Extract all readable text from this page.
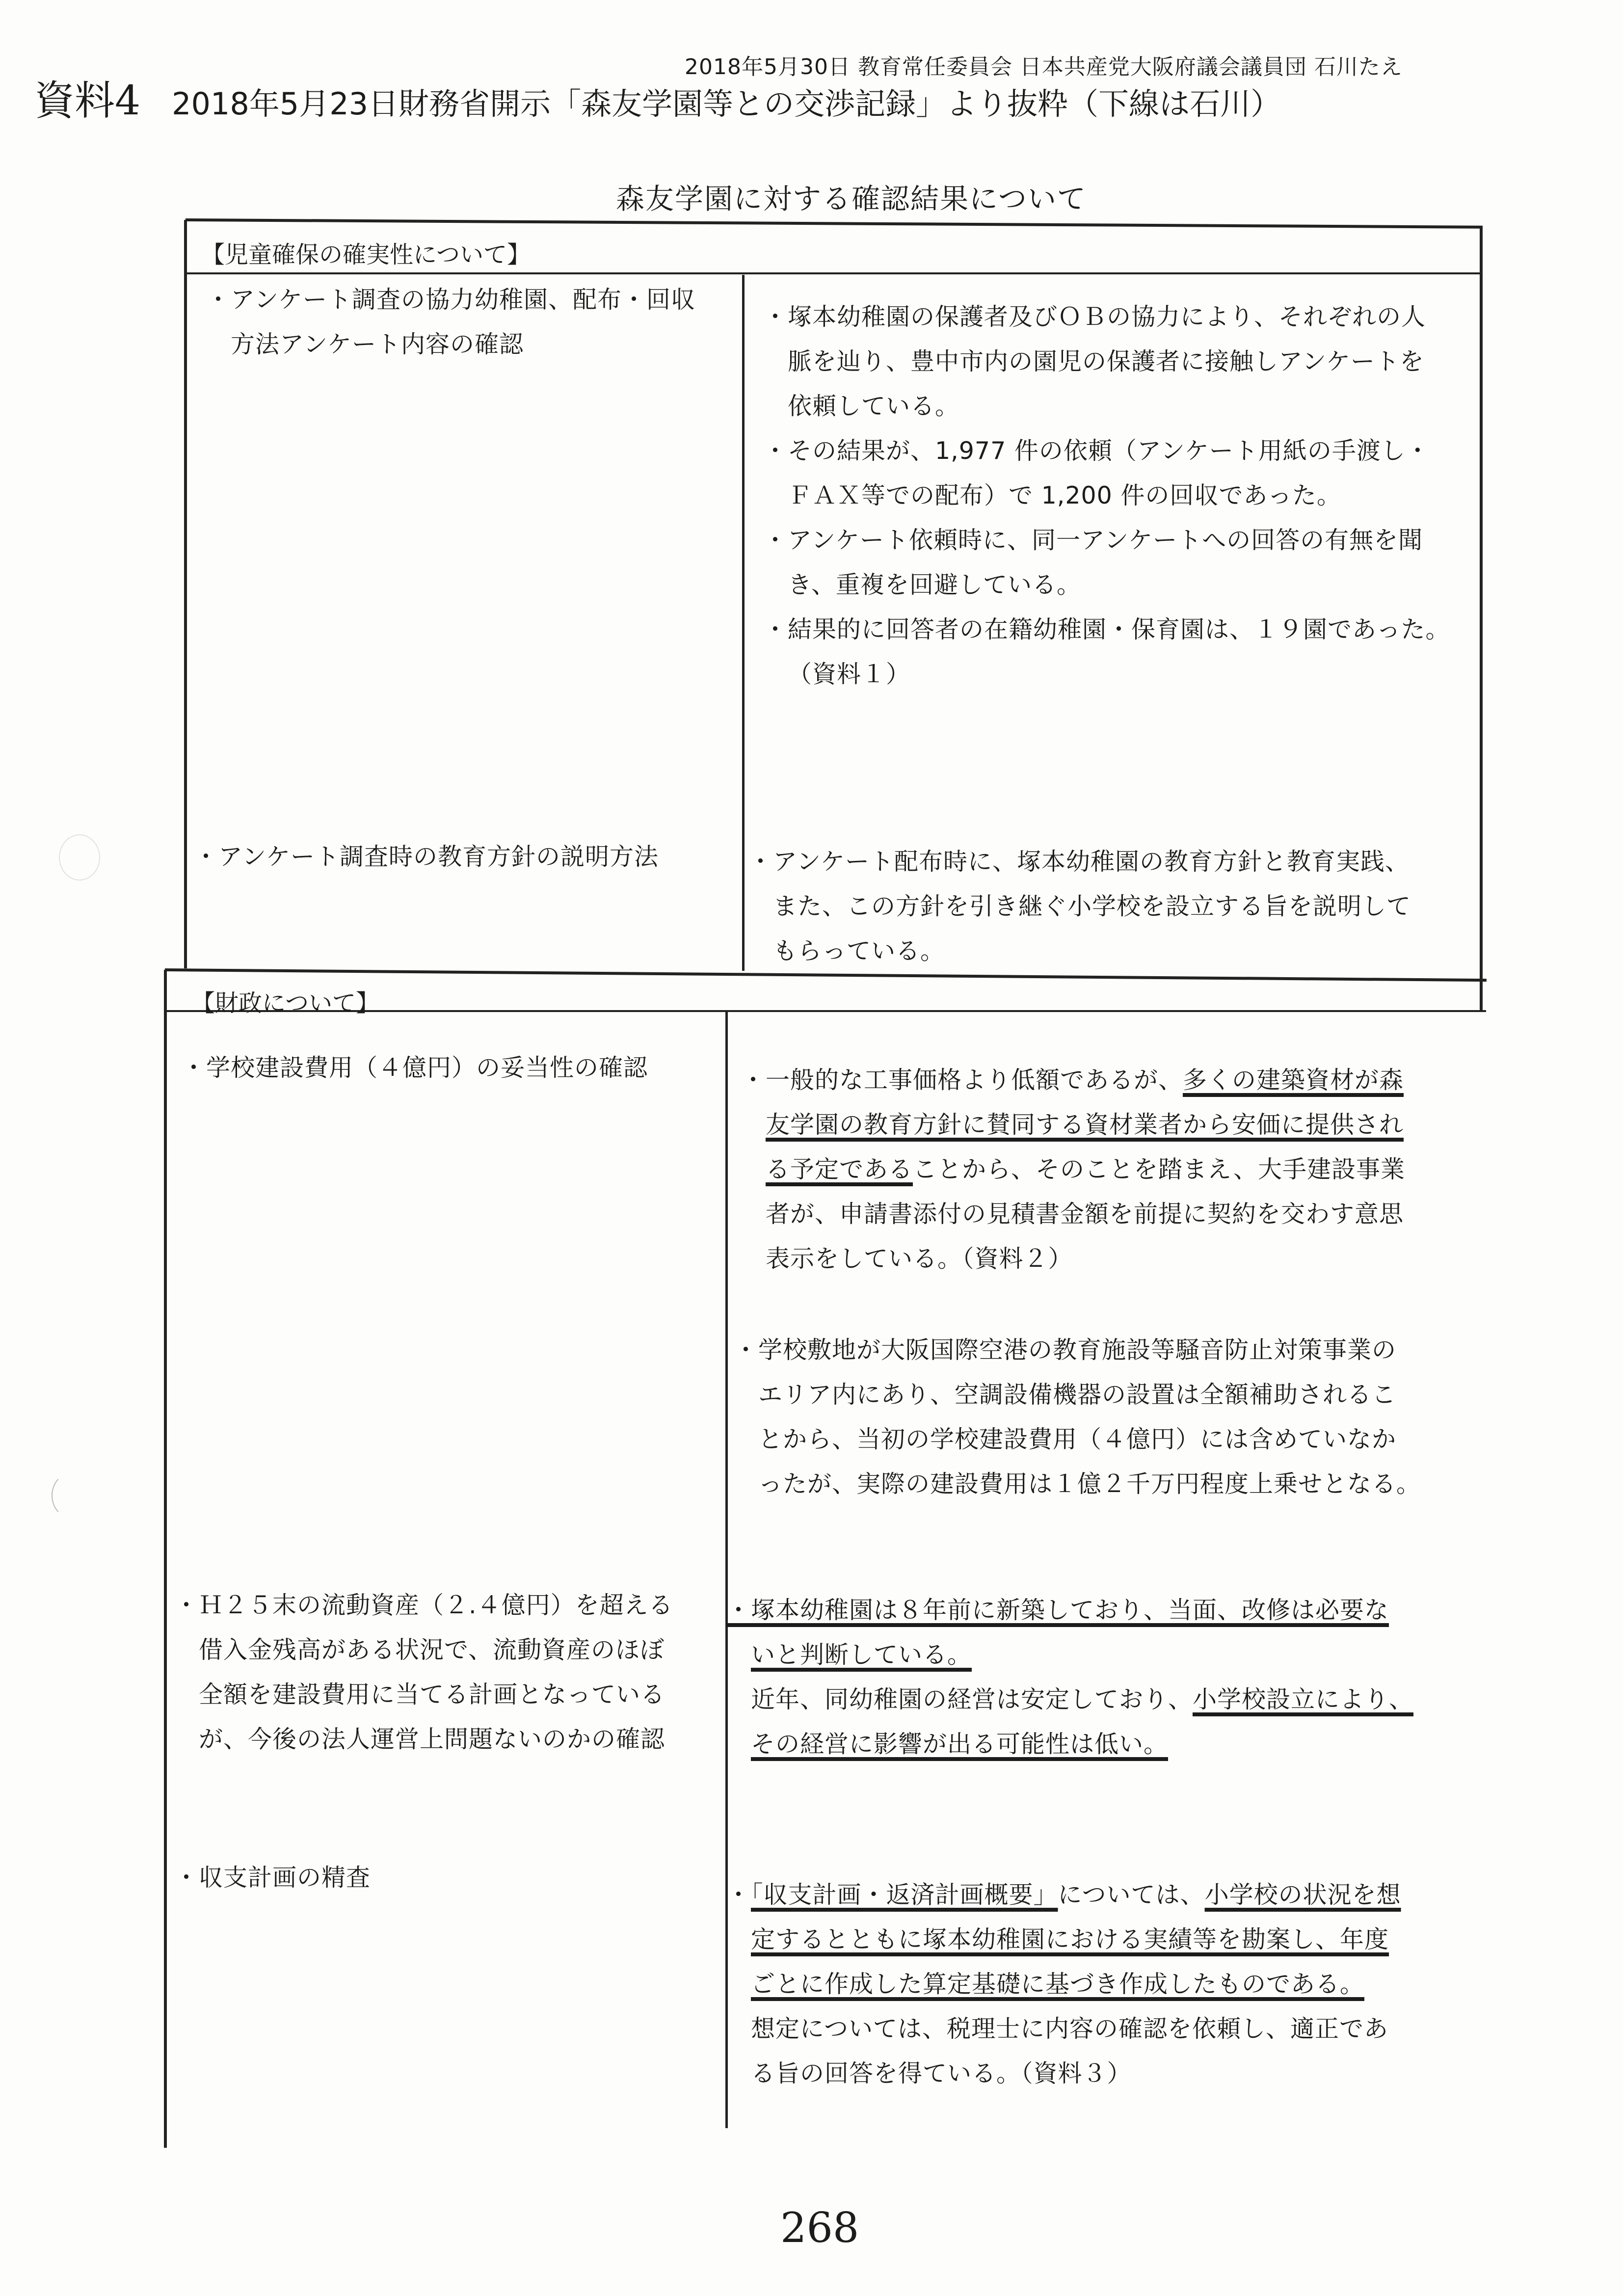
2018年5月30日 教育常任委員会 日本共産党大阪府議会議員団 石川たえ
資料4 2018年5月23日財務省開示「森友学園等との交渉記録」より抜粋（下線は石川）
森友学園に対する確認結果について
【児童確保の確実性について】
・アンケート調査の協力幼稚園、配布・回収
方法アンケート内容の確認
・塚本幼稚園の保護者及びＯＢの協力により、それぞれの人
脈を辿り、豊中市内の園児の保護者に接触しアンケートを
依頼している。
・その結果が、1,977 件の依頼（アンケート用紙の手渡し・
ＦＡＸ等での配布）で 1,200 件の回収であった。
・アンケート依頼時に、同一アンケートへの回答の有無を聞
き、重複を回避している。
・結果的に回答者の在籍幼稚園・保育園は、１９園であった。
（資料１）
・アンケート調査時の教育方針の説明方法	・アンケート配布時に、塚本幼稚園の教育方針と教育実践、
また、この方針を引き継ぐ小学校を設立する旨を説明して
もらっている。
【財政について】
・学校建設費用（４億円）の妥当性の確認	・一般的な工事価格より低額であるが、多くの建築資材が森
友学園の教育方針に賛同する資材業者から安価に提供され
る予定であることから、そのことを踏まえ、大手建設事業
者が、申請書添付の見積書金額を前提に契約を交わす意思
表示をしている。（資料２）
・学校敷地が大阪国際空港の教育施設等騒音防止対策事業の
エリア内にあり、空調設備機器の設置は全額補助されるこ
とから、当初の学校建設費用（４億円）には含めていなか
ったが、実際の建設費用は１億２千万円程度上乗せとなる。
・Ｈ２５末の流動資産（２.４億円）を超える
借入金残高がある状況で、流動資産のほぼ
全額を建設費用に当てる計画となっている
が、今後の法人運営上問題ないのかの確認
・塚本幼稚園は８年前に新築しており、当面、改修は必要な
いと判断している。
近年、同幼稚園の経営は安定しており、小学校設立により、
その経営に影響が出る可能性は低い。
・収支計画の精査
・「収支計画・返済計画概要」については、小学校の状況を想
定するとともに塚本幼稚園における実績等を勘案し、年度
ごとに作成した算定基礎に基づき作成したものである。
想定については、税理士に内容の確認を依頼し、適正であ
る旨の回答を得ている。（資料３）
268
